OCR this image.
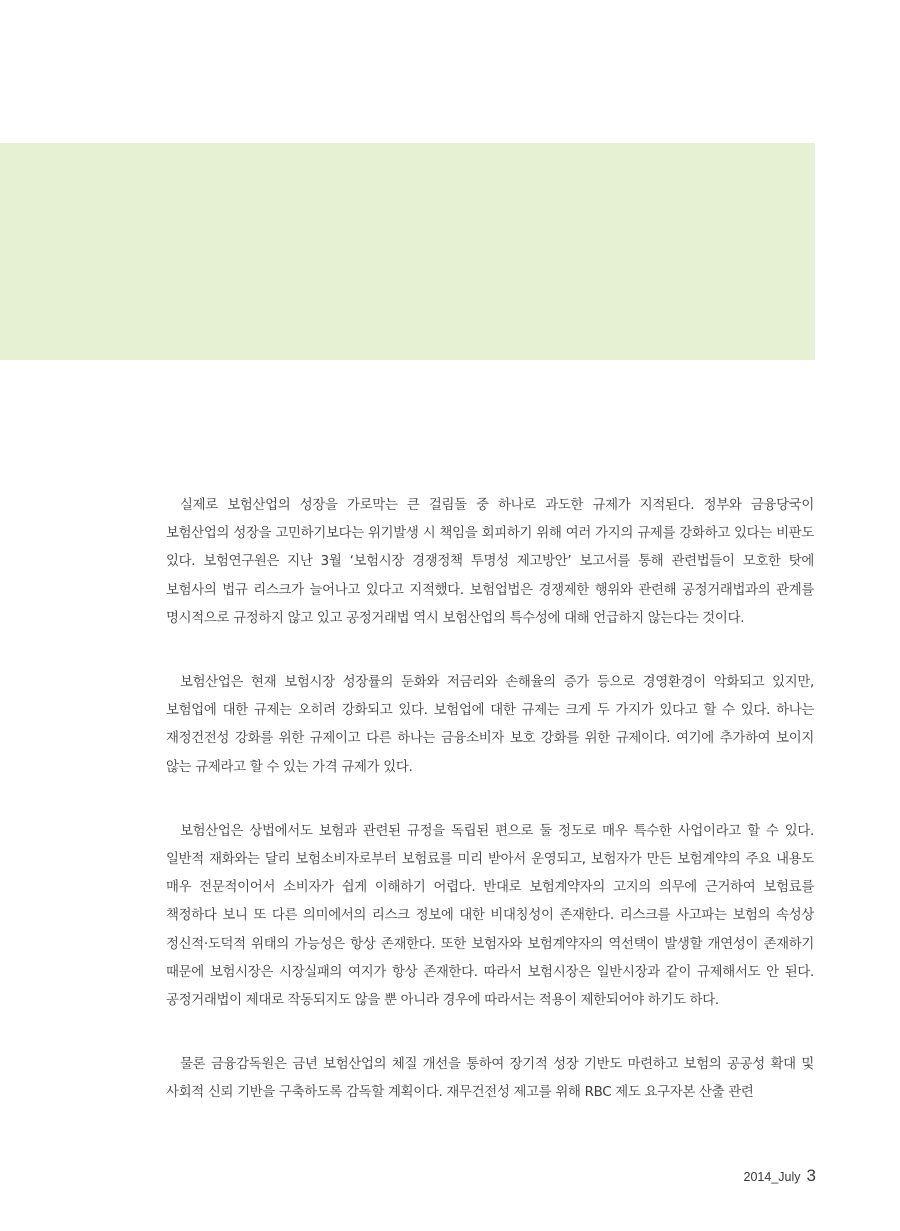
실제로 보험산업의 성장을 가로막는 큰 걸림돌 중 하나로 과도한 규제가 지적된다. 정부와 금융당국이 보험산업의 성장을 고민하기보다는 위기발생 시 책임을 회피하기 위해 여러 가지의 규제를 강화하고 있다는 비판도 있다. 보험연구원은 지난 3월 ‘보험시장 경쟁정책 투명성 제고방안’ 보고서를 통해 관련법들이 모호한 탓에 보험사의 법규 리스크가 늘어나고 있다고 지적했다. 보험업법은 경쟁제한 행위와 관련해 공정거래법과의 관계를 명시적으로 규정하지 않고 있고 공정거래법 역시 보험산업의 특수성에 대해 언급하지 않는다는 것이다.

보험산업은 현재 보험시장 성장률의 둔화와 저금리와 손해율의 증가 등으로 경영환경이 악화되고 있지만, 보험업에 대한 규제는 오히려 강화되고 있다. 보험업에 대한 규제는 크게 두 가지가 있다고 할 수 있다. 하나는 재정건전성 강화를 위한 규제이고 다른 하나는 금융소비자 보호 강화를 위한 규제이다. 여기에 추가하여 보이지 않는 규제라고 할 수 있는 가격 규제가 있다.

보험산업은 상법에서도 보험과 관련된 규정을 독립된 편으로 둘 정도로 매우 특수한 사업이라고 할 수 있다. 일반적 재화와는 달리 보험소비자로부터 보험료를 미리 받아서 운영되고, 보험자가 만든 보험계약의 주요 내용도 매우 전문적이어서 소비자가 쉽게 이해하기 어렵다. 반대로 보험계약자의 고지의 의무에 근거하여 보험료를 책정하다 보니 또 다른 의미에서의 리스크 정보에 대한 비대칭성이 존재한다. 리스크를 사고파는 보험의 속성상 정신적·도덕적 위태의 가능성은 항상 존재한다. 또한 보험자와 보험계약자의 역선택이 발생할 개연성이 존재하기 때문에 보험시장은 시장실패의 여지가 항상 존재한다. 따라서 보험시장은 일반시장과 같이 규제해서도 안 된다. 공정거래법이 제대로 작동되지도 않을 뿐 아니라 경우에 따라서는 적용이 제한되어야 하기도 하다.

물론 금융감독원은 금년 보험산업의 체질 개선을 통하여 장기적 성장 기반도 마련하고 보험의 공공성 확대 및 사회적 신뢰 기반을 구축하도록 감독할 계획이다. 재무건전성 제고를 위해 RBC 제도 요구자본 산출 관련

2014_July 3
